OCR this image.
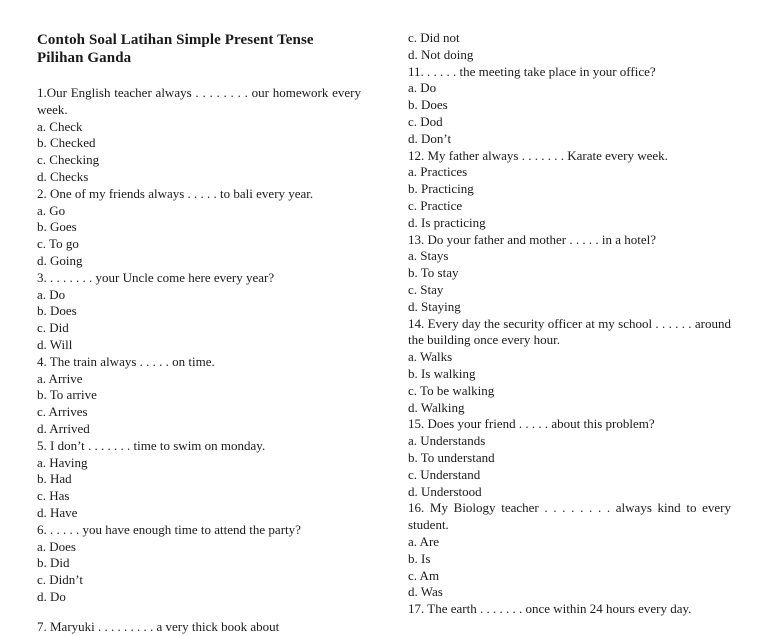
Contoh Soal Latihan Simple Present Tense

Pilihan Ganda

1.Our English teacher always . . . . . . . . our homework every week.

a. Check

b. Checked

c. Checking

d. Checks

2. One of my friends always . . . . . to bali every year.

a. Go

b. Goes

c. To go

d. Going

3. . . . . . . . your Uncle come here every year?

a. Do

b. Does

c. Did

d. Will

4. The train always . . . . . on time.

a. Arrive

b. To arrive

c. Arrives

d. Arrived

5. I don’t . . . . . . . time to swim on monday.

a. Having

b. Had

c. Has

d. Have

6. . . . . . you have enough time to attend the party?

a. Does

b. Did

c. Didn’t

d. Do

7. Maryuki . . . . . . . . . a very thick book about

c. Did not

d. Not doing

11. . . . . . the meeting take place in your office?

a. Do

b. Does

c. Dod

d. Don’t

12. My father always . . . . . . . Karate every week.

a. Practices

b. Practicing

c. Practice

d. Is practicing

13. Do your father and mother . . . . . in a hotel?

a. Stays

b. To stay

c. Stay

d. Staying

14. Every day the security officer at my school . . . . . . around the building once every hour.

a. Walks

b. Is walking

c. To be walking

d. Walking

15. Does your friend . . . . . about this problem?

a. Understands

b. To understand

c. Understand

d. Understood

16. My Biology teacher . . . . . . . . always kind to every student.

a. Are

b. Is

c. Am

d. Was

17. The earth . . . . . . . once within 24 hours every day.
